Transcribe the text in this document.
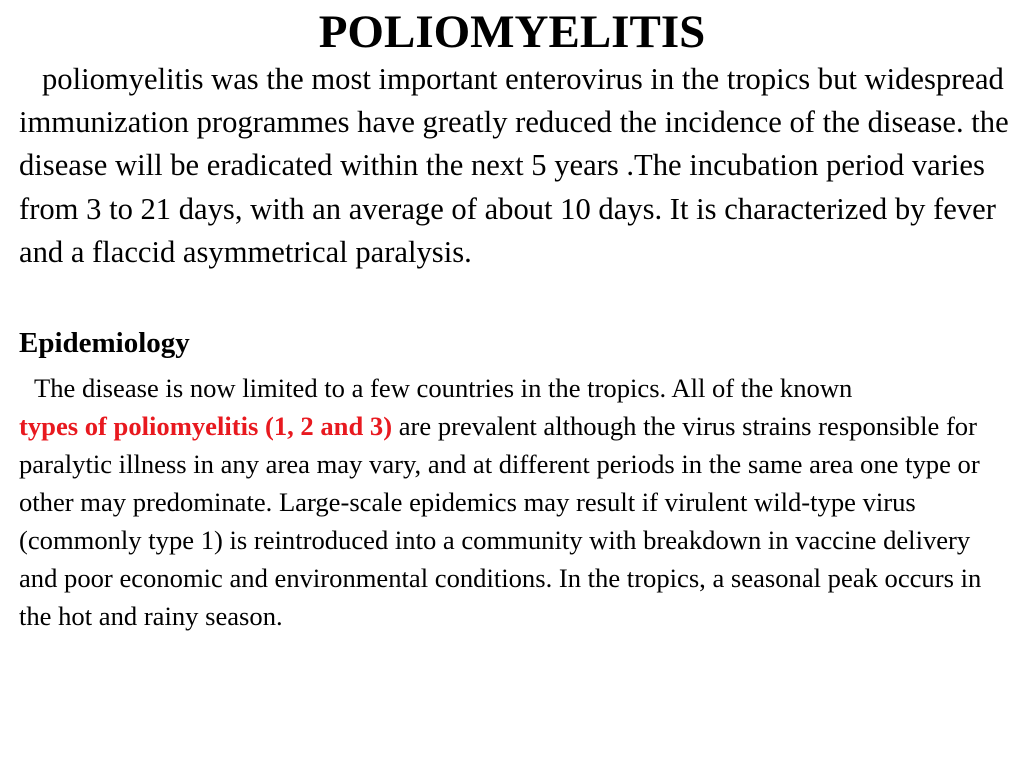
POLIOMYELITIS

poliomyelitis was the most important enterovirus in the tropics but widespread immunization programmes have greatly reduced the incidence of the disease. the disease will be eradicated within the next 5 years .The incubation period varies from 3 to 21 days, with an average of about 10 days. It is characterized by fever and a flaccid asymmetrical paralysis.

Epidemiology

The disease is now limited to a few countries in the tropics. All of the known
types of poliomyelitis (1, 2 and 3) are prevalent although the virus strains responsible for paralytic illness in any area may vary, and at different periods in the same area one type or other may predominate. Large-scale epidemics may result if virulent wild-type virus (commonly type 1) is reintroduced into a community with breakdown in vaccine delivery and poor economic and environmental conditions. In the tropics, a seasonal peak occurs in the hot and rainy season.
